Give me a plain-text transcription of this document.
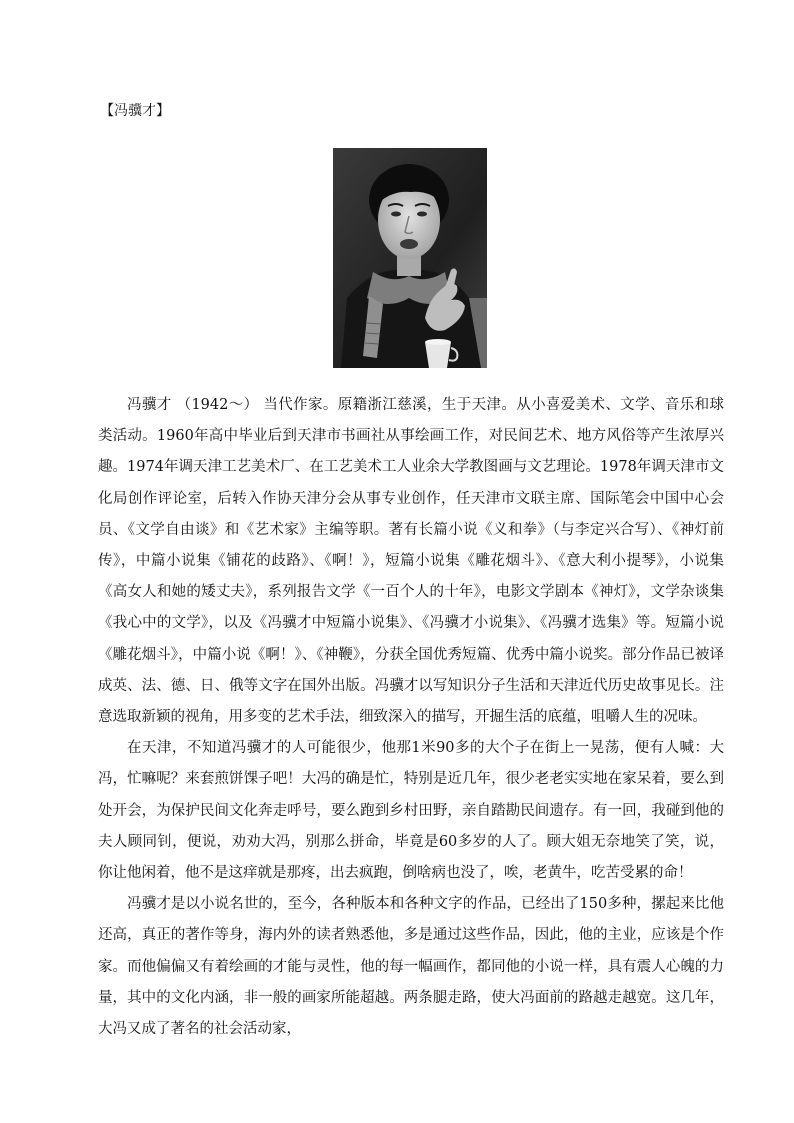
【冯骥才】

冯骥才 （1942～） 当代作家。原籍浙江慈溪，生于天津。从小喜爱美术、文学、音乐和球类活动。1960年高中毕业后到天津市书画社从事绘画工作，对民间艺术、地方风俗等产生浓厚兴趣。1974年调天津工艺美术厂、在工艺美术工人业余大学教图画与文艺理论。1978年调天津市文化局创作评论室，后转入作协天津分会从事专业创作，任天津市文联主席、国际笔会中国中心会员、《文学自由谈》和《艺术家》主编等职。著有长篇小说《义和拳》（与李定兴合写）、《神灯前传》，中篇小说集《铺花的歧路》、《啊！》，短篇小说集《雕花烟斗》、《意大利小提琴》，小说集《高女人和她的矮丈夫》，系列报告文学《一百个人的十年》，电影文学剧本《神灯》，文学杂谈集《我心中的文学》，以及《冯骥才中短篇小说集》、《冯骥才小说集》、《冯骥才选集》等。短篇小说《雕花烟斗》，中篇小说《啊！》、《神鞭》，分获全国优秀短篇、优秀中篇小说奖。部分作品已被译成英、法、德、日、俄等文字在国外出版。冯骥才以写知识分子生活和天津近代历史故事见长。注意选取新颖的视角，用多变的艺术手法，细致深入的描写，开掘生活的底蕴，咀嚼人生的况味。

在天津，不知道冯骥才的人可能很少，他那1米90多的大个子在街上一晃荡，便有人喊：大冯，忙嘛呢？来套煎饼馃子吧！大冯的确是忙，特别是近几年，很少老老实实地在家呆着，要么到处开会，为保护民间文化奔走呼号，要么跑到乡村田野，亲自踏勘民间遗存。有一回，我碰到他的夫人顾同钊，便说，劝劝大冯，别那么拼命，毕竟是60多岁的人了。顾大姐无奈地笑了笑，说，你让他闲着，他不是这痒就是那疼，出去疯跑，倒啥病也没了，唉，老黄牛，吃苦受累的命！

冯骥才是以小说名世的，至今，各种版本和各种文字的作品，已经出了150多种，摞起来比他还高，真正的著作等身，海内外的读者熟悉他，多是通过这些作品，因此，他的主业，应该是个作家。而他偏偏又有着绘画的才能与灵性，他的每一幅画作，都同他的小说一样，具有震人心魄的力量，其中的文化内涵，非一般的画家所能超越。两条腿走路，使大冯面前的路越走越宽。这几年，大冯又成了著名的社会活动家，
